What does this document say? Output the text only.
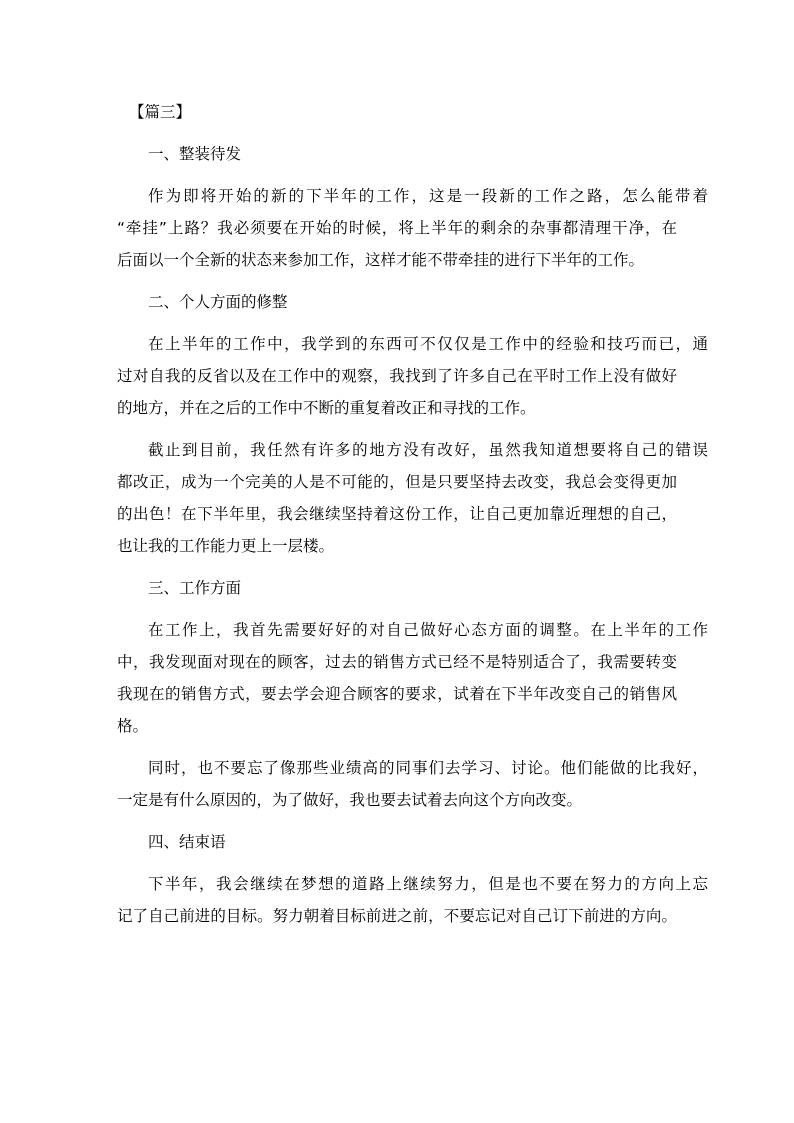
【篇三】
一、整装待发
作为即将开始的新的下半年的工作，这是一段新的工作之路，怎么能带着
“牵挂”上路？我必须要在开始的时候，将上半年的剩余的杂事都清理干净，在
后面以一个全新的状态来参加工作，这样才能不带牵挂的进行下半年的工作。
二、个人方面的修整
在上半年的工作中，我学到的东西可不仅仅是工作中的经验和技巧而已，通
过对自我的反省以及在工作中的观察，我找到了许多自己在平时工作上没有做好
的地方，并在之后的工作中不断的重复着改正和寻找的工作。
截止到目前，我任然有许多的地方没有改好，虽然我知道想要将自己的错误
都改正，成为一个完美的人是不可能的，但是只要坚持去改变，我总会变得更加
的出色！在下半年里，我会继续坚持着这份工作，让自己更加靠近理想的自己，
也让我的工作能力更上一层楼。
三、工作方面
在工作上，我首先需要好好的对自己做好心态方面的调整。在上半年的工作
中，我发现面对现在的顾客，过去的销售方式已经不是特别适合了，我需要转变
我现在的销售方式，要去学会迎合顾客的要求，试着在下半年改变自己的销售风
格。
同时，也不要忘了像那些业绩高的同事们去学习、讨论。他们能做的比我好，
一定是有什么原因的，为了做好，我也要去试着去向这个方向改变。
四、结束语
下半年，我会继续在梦想的道路上继续努力，但是也不要在努力的方向上忘
记了自己前进的目标。努力朝着目标前进之前，不要忘记对自己订下前进的方向。
